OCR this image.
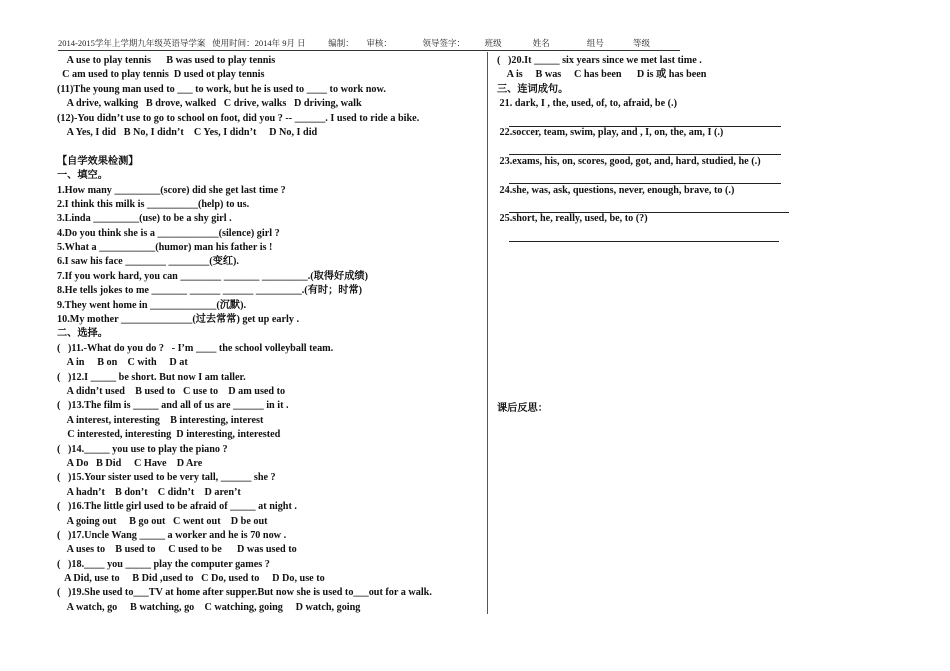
2014-2015学年上学期九年级英语导学案 使用时间：2014年 9月 日	编制： 审核：	领导签字： 班级	姓名	组号	等级
A use to play tennis      B was used to play tennis
C am used to play tennis  D used ot play tennis
(11)The young man used to ___ to work, but he is used to ____ to work now.
A drive, walking   B drove, walked   C drive, walks   D driving, walk
(12)-You didn’t use to go to school on foot, did you ? -- ______. I used to ride a bike.
A Yes, I did   B No, I didn’t    C Yes, I didn’t     D No, I did
【自学效果检测】
一、填空。
1.How many _________(score) did she get last time ?
2.I think this milk is __________(help) to us.
3.Linda _________(use) to be a shy girl .
4.Do you think she is a ____________(silence) girl ?
5.What a ___________(humor) man his father is !
6.I saw his face ________ ________(变红).
7.If you work hard, you can ________ _______ _________.(取得好成绩)
8.He tells jokes to me _______ ______ ______ _________.(有时；时常)
9.They went home in _____________(沉默).
10.My mother ______________(过去常常) get up early .
二、选择。
(   )11.-What do you do ?   - I’m ____ the school volleyball team.
A in     B on    C with     D at
(   )12.I _____ be short. But now I am taller.
A didn’t used    B used to   C use to    D am used to
(   )13.The film is _____ and all of us are ______ in it .
A interest, interesting    B interesting, interest
C interested, interesting  D interesting, interested
(   )14._____ you use to play the piano ?
A Do   B Did     C Have    D Are
(   )15.Your sister used to be very tall, ______ she ?
A hadn’t    B don’t    C didn’t    D aren’t
(   )16.The little girl used to be afraid of _____ at night .
A going out     B go out   C went out    D be out
(   )17.Uncle Wang _____ a worker and he is 70 now .
A uses to    B used to     C used to be      D was used to
(   )18.____ you _____ play the computer games ?
A Did, use to     B Did ,used to   C Do, used to     D Do, use to
(   )19.She used to___TV at home after supper.But now she is used to___out for a walk.
A watch, go     B watching, go    C watching, going     D watch, going
(   )20.It _____ six years since we met last time .
A is     B was     C has been      D is 或 has been
三、连词成句。
21. dark, I , the, used, of, to, afraid, be (.)
22.soccer, team, swim, play, and , I, on, the, am, I (.)
23.exams, his, on, scores, good, got, and, hard, studied, he (.)
24.she, was, ask, questions, never, enough, brave, to (.)
25.short, he, really, used, be, to (?)
课后反思：
